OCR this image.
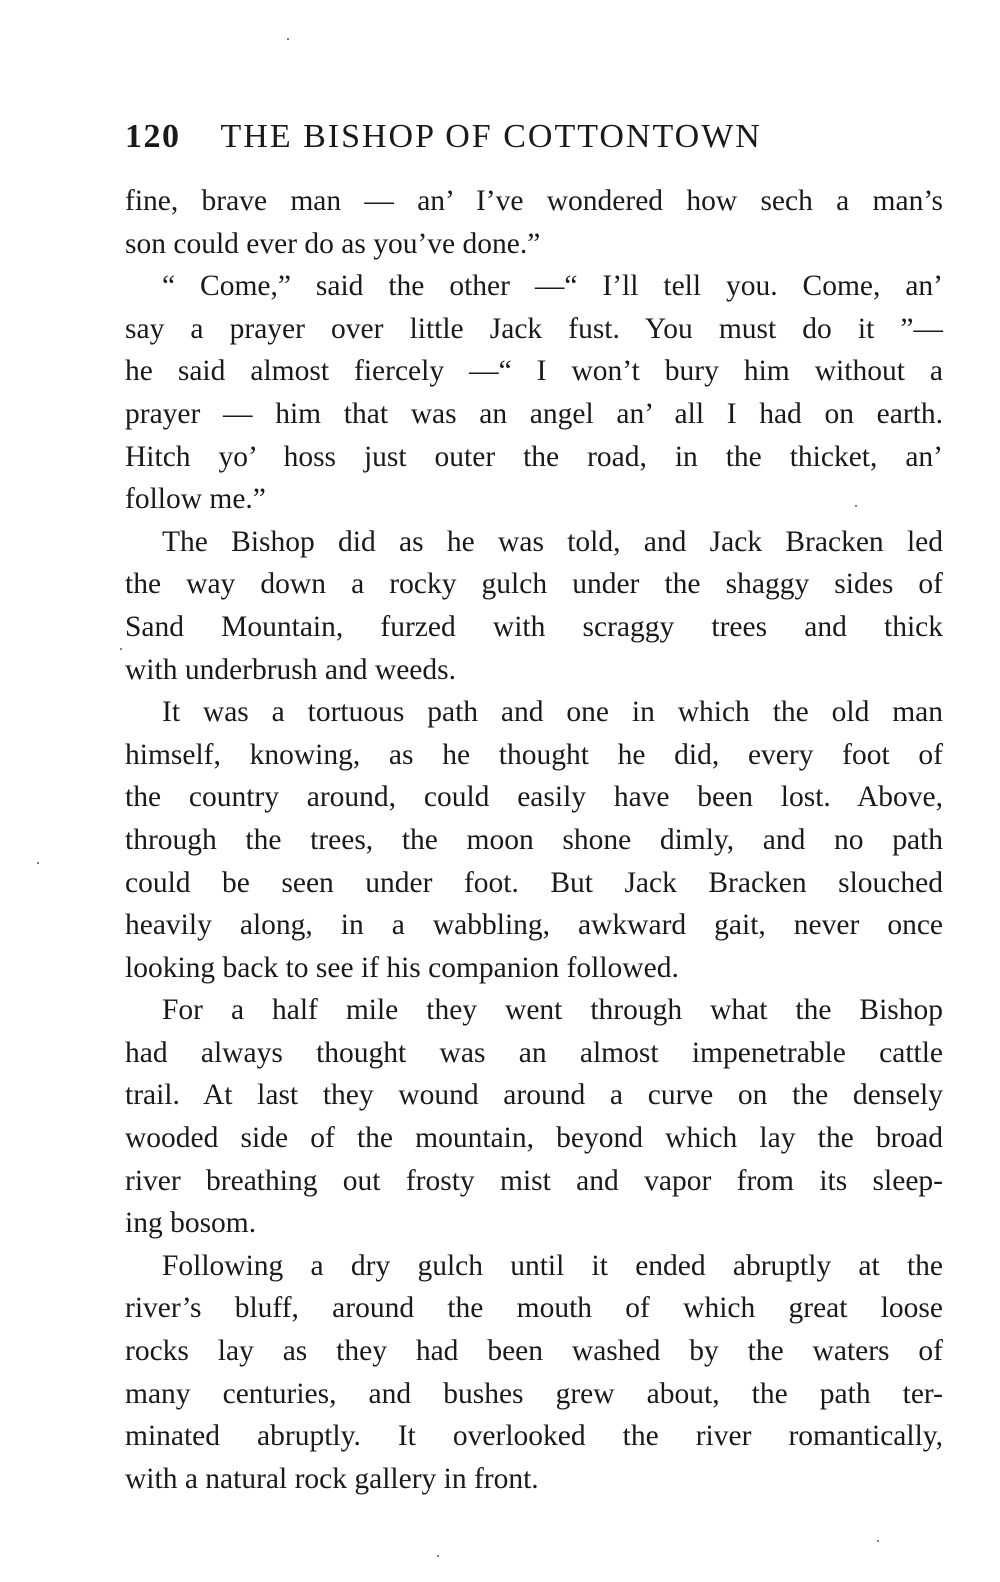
120 THE BISHOP OF COTTONTOWN
fine, brave man — an’ I’ve wondered how sech a man’s
son could ever do as you’ve done.”
“ Come,” said the other —“ I’ll tell you. Come, an’
say a prayer over little Jack fust. You must do it ”—
he said almost fiercely —“ I won’t bury him without a
prayer — him that was an angel an’ all I had on earth.
Hitch yo’ hoss just outer the road, in the thicket, an’
follow me.”
The Bishop did as he was told, and Jack Bracken led
the way down a rocky gulch under the shaggy sides of
Sand Mountain, furzed with scraggy trees and thick
with underbrush and weeds.
It was a tortuous path and one in which the old man
himself, knowing, as he thought he did, every foot of
the country around, could easily have been lost. Above,
through the trees, the moon shone dimly, and no path
could be seen under foot. But Jack Bracken slouched
heavily along, in a wabbling, awkward gait, never once
looking back to see if his companion followed.
For a half mile they went through what the Bishop
had always thought was an almost impenetrable cattle
trail. At last they wound around a curve on the densely
wooded side of the mountain, beyond which lay the broad
river breathing out frosty mist and vapor from its sleep-
ing bosom.
Following a dry gulch until it ended abruptly at the
river’s bluff, around the mouth of which great loose
rocks lay as they had been washed by the waters of
many centuries, and bushes grew about, the path ter-
minated abruptly. It overlooked the river romantically,
with a natural rock gallery in front.
